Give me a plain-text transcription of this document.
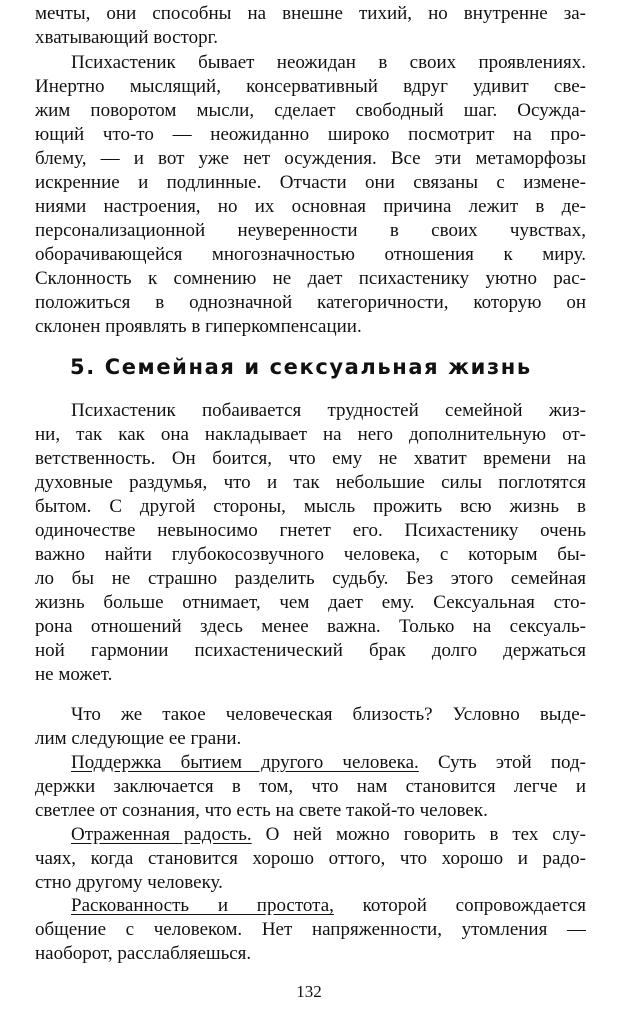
мечты, они способны на внешне тихий, но внутренне за-
хватывающий восторг.
Психастеник бывает неожидан в своих проявлениях.
Инертно мыслящий, консервативный вдруг удивит све-
жим поворотом мысли, сделает свободный шаг. Осужда-
ющий что-то — неожиданно широко посмотрит на про-
блему, — и вот уже нет осуждения. Все эти метаморфозы
искренние и подлинные. Отчасти они связаны с измене-
ниями настроения, но их основная причина лежит в де-
персонализационной неуверенности в своих чувствах,
оборачивающейся многозначностью отношения к миру.
Склонность к сомнению не дает психастенику уютно рас-
положиться в однозначной категоричности, которую он
склонен проявлять в гиперкомпенсации.
5. Семейная и сексуальная жизнь
Психастеник побаивается трудностей семейной жиз-
ни, так как она накладывает на него дополнительную от-
ветственность. Он боится, что ему не хватит времени на
духовные раздумья, что и так небольшие силы поглотятся
бытом. С другой стороны, мысль прожить всю жизнь в
одиночестве невыносимо гнетет его. Психастенику очень
важно найти глубокосозвучного человека, с которым бы-
ло бы не страшно разделить судьбу. Без этого семейная
жизнь больше отнимает, чем дает ему. Сексуальная сто-
рона отношений здесь менее важна. Только на сексуаль-
ной гармонии психастенический брак долго держаться
не может.
Что же такое человеческая близость? Условно выде-
лим следующие ее грани.
Поддержка бытием другого человека. Суть этой под-
держки заключается в том, что нам становится легче и
светлее от сознания, что есть на свете такой-то человек.
Отраженная радость. О ней можно говорить в тех слу-
чаях, когда становится хорошо оттого, что хорошо и радо-
стно другому человеку.
Раскованность и простота, которой сопровождается
общение с человеком. Нет напряженности, утомления —
наоборот, расслабляешься.
132
